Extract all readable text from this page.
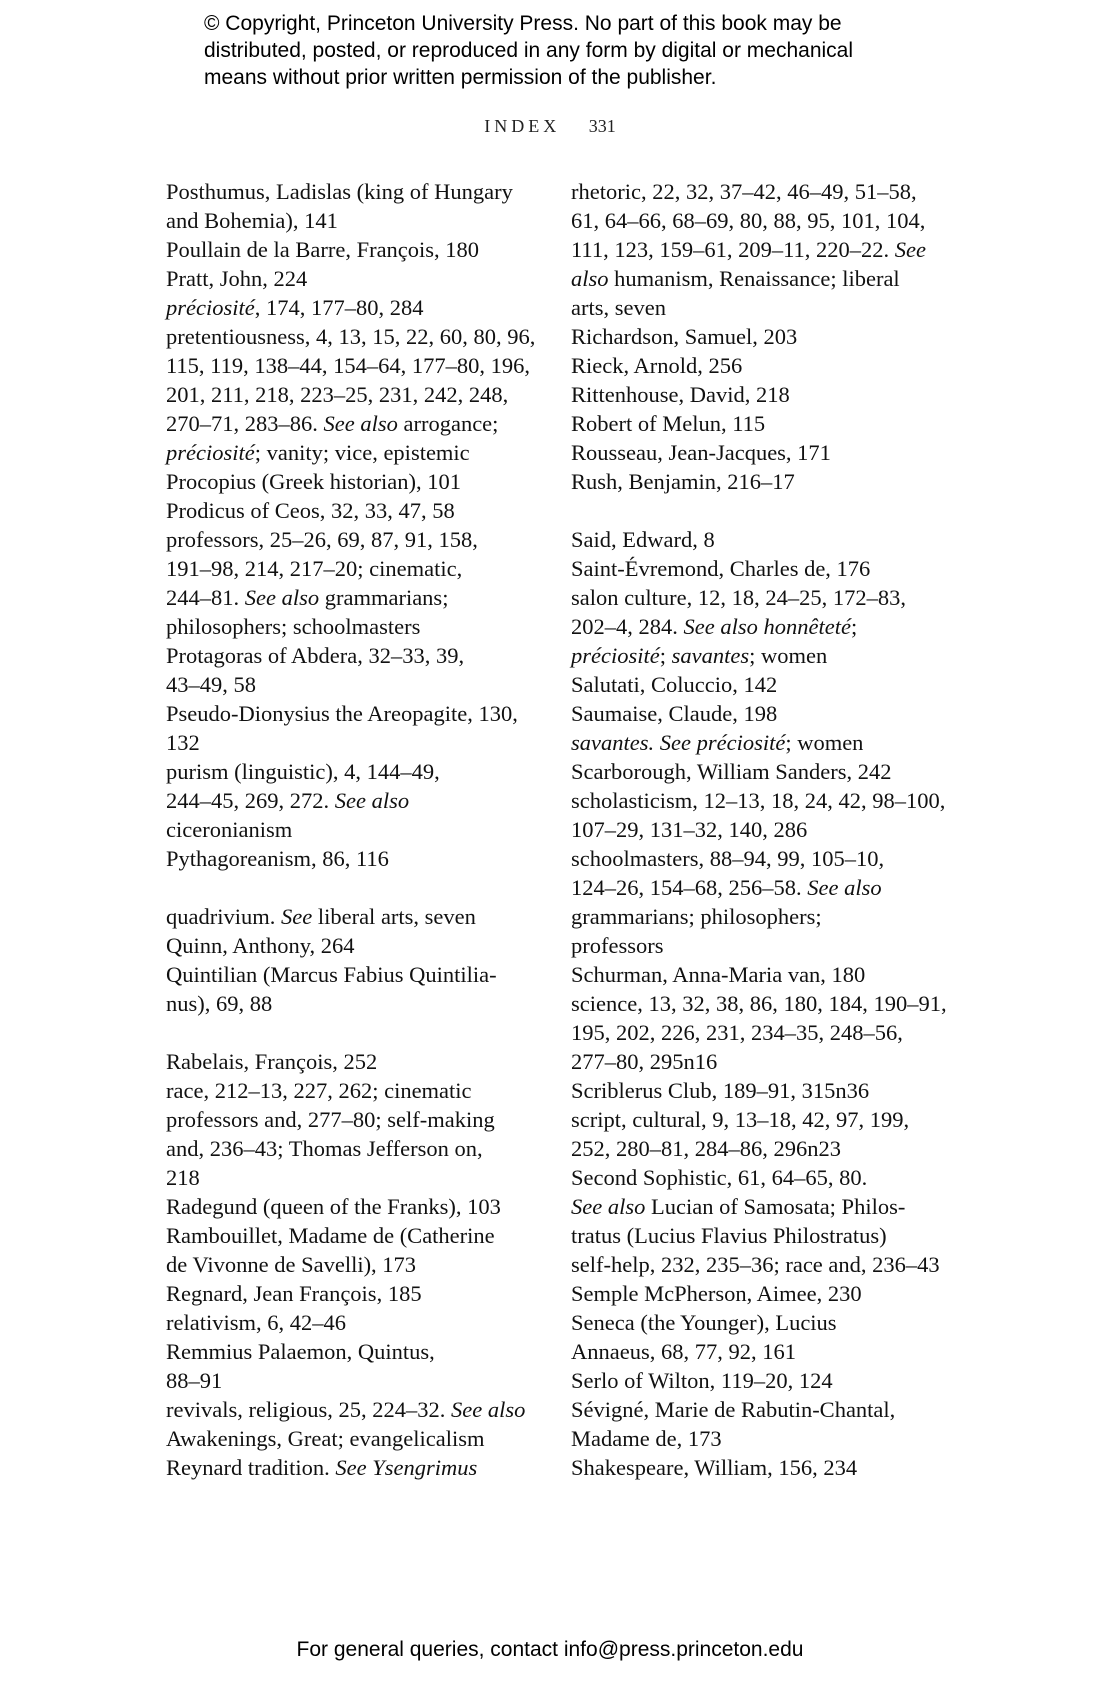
© Copyright, Princeton University Press. No part of this book may be
distributed, posted, or reproduced in any form by digital or mechanical
means without prior written permission of the publisher.
INDEX 331
Posthumus, Ladislas (king of Hungary
and Bohemia), 141
Poullain de la Barre, François, 180
Pratt, John, 224
préciosité, 174, 177–80, 284
pretentiousness, 4, 13, 15, 22, 60, 80, 96,
115, 119, 138–44, 154–64, 177–80, 196,
201, 211, 218, 223–25, 231, 242, 248,
270–71, 283–86. See also arrogance;
préciosité; vanity; vice, epistemic
Procopius (Greek historian), 101
Prodicus of Ceos, 32, 33, 47, 58
professors, 25–26, 69, 87, 91, 158,
191–98, 214, 217–20; cinematic,
244–81. See also grammarians;
philosophers; schoolmasters
Protagoras of Abdera, 32–33, 39,
43–49, 58
Pseudo-Dionysius the Areopagite, 130,
132
purism (linguistic), 4, 144–49,
244–45, 269, 272. See also
ciceronianism
Pythagoreanism, 86, 116
quadrivium. See liberal arts, seven
Quinn, Anthony, 264
Quintilian (Marcus Fabius Quintilia-
nus), 69, 88
Rabelais, François, 252
race, 212–13, 227, 262; cinematic
professors and, 277–80; self-making
and, 236–43; Thomas Jefferson on,
218
Radegund (queen of the Franks), 103
Rambouillet, Madame de (Catherine
de Vivonne de Savelli), 173
Regnard, Jean François, 185
relativism, 6, 42–46
Remmius Palaemon, Quintus,
88–91
revivals, religious, 25, 224–32. See also
Awakenings, Great; evangelicalism
Reynard tradition. See Ysengrimus
rhetoric, 22, 32, 37–42, 46–49, 51–58,
61, 64–66, 68–69, 80, 88, 95, 101, 104,
111, 123, 159–61, 209–11, 220–22. See
also humanism, Renaissance; liberal
arts, seven
Richardson, Samuel, 203
Rieck, Arnold, 256
Rittenhouse, David, 218
Robert of Melun, 115
Rousseau, Jean-Jacques, 171
Rush, Benjamin, 216–17
Said, Edward, 8
Saint-Évremond, Charles de, 176
salon culture, 12, 18, 24–25, 172–83,
202–4, 284. See also honnêteté;
préciosité; savantes; women
Salutati, Coluccio, 142
Saumaise, Claude, 198
savantes. See préciosité; women
Scarborough, William Sanders, 242
scholasticism, 12–13, 18, 24, 42, 98–100,
107–29, 131–32, 140, 286
schoolmasters, 88–94, 99, 105–10,
124–26, 154–68, 256–58. See also
grammarians; philosophers;
professors
Schurman, Anna-Maria van, 180
science, 13, 32, 38, 86, 180, 184, 190–91,
195, 202, 226, 231, 234–35, 248–56,
277–80, 295n16
Scriblerus Club, 189–91, 315n36
script, cultural, 9, 13–18, 42, 97, 199,
252, 280–81, 284–86, 296n23
Second Sophistic, 61, 64–65, 80.
See also Lucian of Samosata; Philos-
tratus (Lucius Flavius Philostratus)
self-help, 232, 235–36; race and, 236–43
Semple McPherson, Aimee, 230
Seneca (the Younger), Lucius
Annaeus, 68, 77, 92, 161
Serlo of Wilton, 119–20, 124
Sévigné, Marie de Rabutin-Chantal,
Madame de, 173
Shakespeare, William, 156, 234
For general queries, contact info@press.princeton.edu
